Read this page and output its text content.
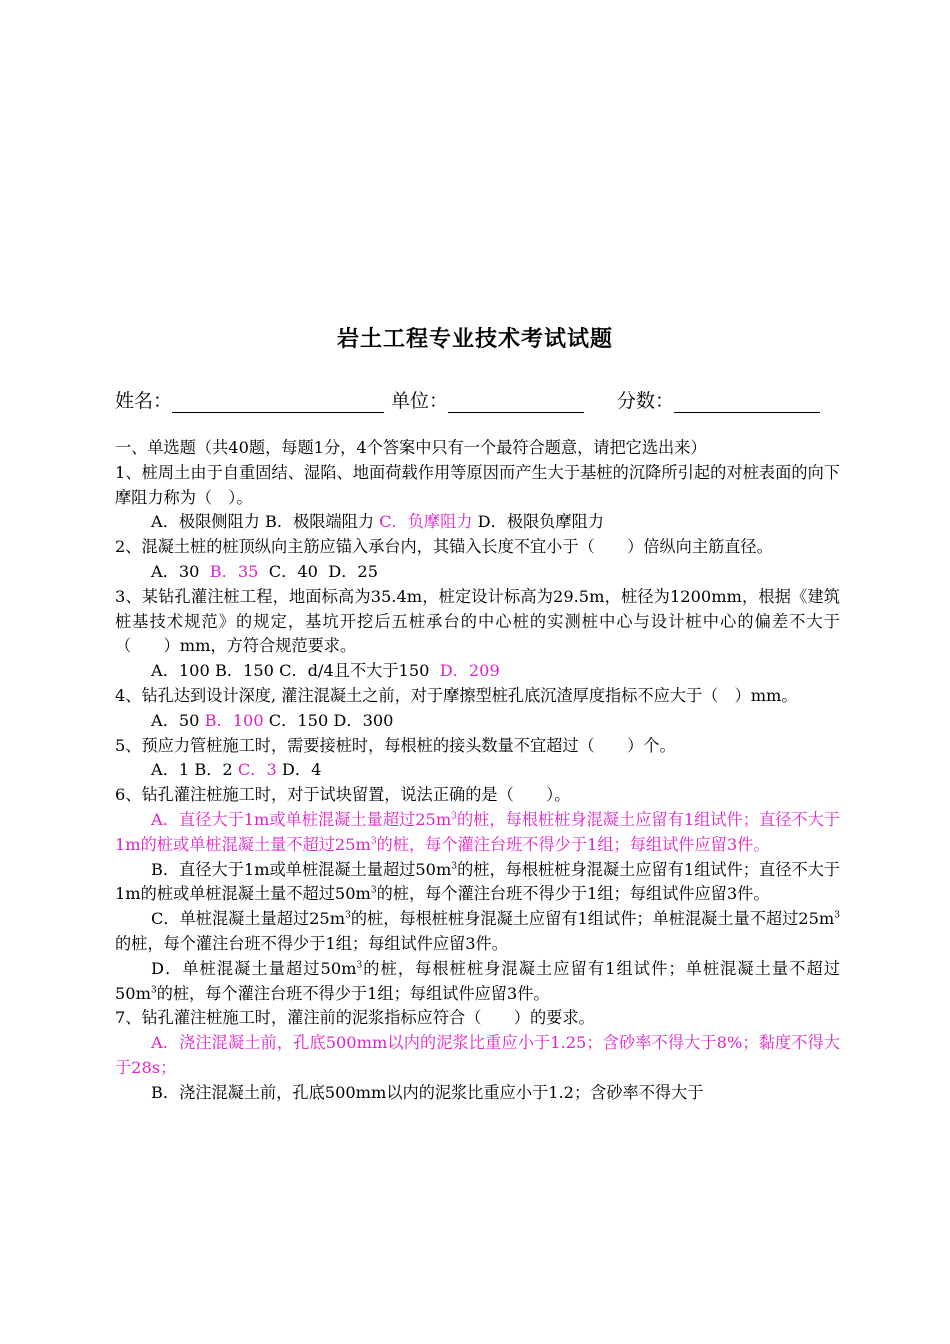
岩土工程专业技术考试试题
姓名：	单位：	分数：

一、单选题（共40题，每题1分，4个答案中只有一个最符合题意，请把它选出来）

1、桩周土由于自重固结、湿陷、地面荷载作用等原因而产生大于基桩的沉降所引起的对桩表面的向下摩阻力称为（　）。

A．极限侧阻力 B．极限端阻力 C．负摩阻力 D．极限负摩阻力

2、混凝土桩的桩顶纵向主筋应锚入承台内，其锚入长度不宜小于（　　）倍纵向主筋直径。

A．30 B．35 C．40 D．25

3、某钻孔灌注桩工程，地面标高为35.4m，桩定设计标高为29.5m，桩径为1200mm，根据《建筑桩基技术规范》的规定，基坑开挖后五桩承台的中心桩的实测桩中心与设计桩中心的偏差不大于（　　）mm，方符合规范要求。

A．100 B．150 C．d/4且不大于150 D．209

4、钻孔达到设计深度, 灌注混凝土之前，对于摩擦型桩孔底沉渣厚度指标不应大于（　）mm。

A．50 B．100 C．150 D．300

5、预应力管桩施工时，需要接桩时，每根桩的接头数量不宜超过（　　）个。

A．1 B．2 C．3 D．4

6、钻孔灌注桩施工时，对于试块留置，说法正确的是（　　）。

A．直径大于1m或单桩混凝土量超过$25m^3$的桩，每根桩桩身混凝土应留有1组试件；直径不大于1m的桩或单桩混凝土量不超过$25m^3$的桩，每个灌注台班不得少于1组；每组试件应留3件。

B．直径大于1m或单桩混凝土量超过$50m^3$的桩，每根桩桩身混凝土应留有1组试件；直径不大于1m的桩或单桩混凝土量不超过$50m^3$的桩，每个灌注台班不得少于1组；每组试件应留3件。

C．单桩混凝土量超过$25m^3$的桩，每根桩桩身混凝土应留有1组试件；单桩混凝土量不超过$25m^3$的桩，每个灌注台班不得少于1组；每组试件应留3件。

D．单桩混凝土量超过$50m^3$的桩，每根桩桩身混凝土应留有1组试件；单桩混凝土量不超过$50m^3$的桩，每个灌注台班不得少于1组；每组试件应留3件。

7、钻孔灌注桩施工时，灌注前的泥浆指标应符合（　　）的要求。

A．浇注混凝土前，孔底500mm以内的泥浆比重应小于1.25；含砂率不得大于8%；黏度不得大于28s；

B．浇注混凝土前，孔底500mm以内的泥浆比重应小于1.2；含砂率不得大于
